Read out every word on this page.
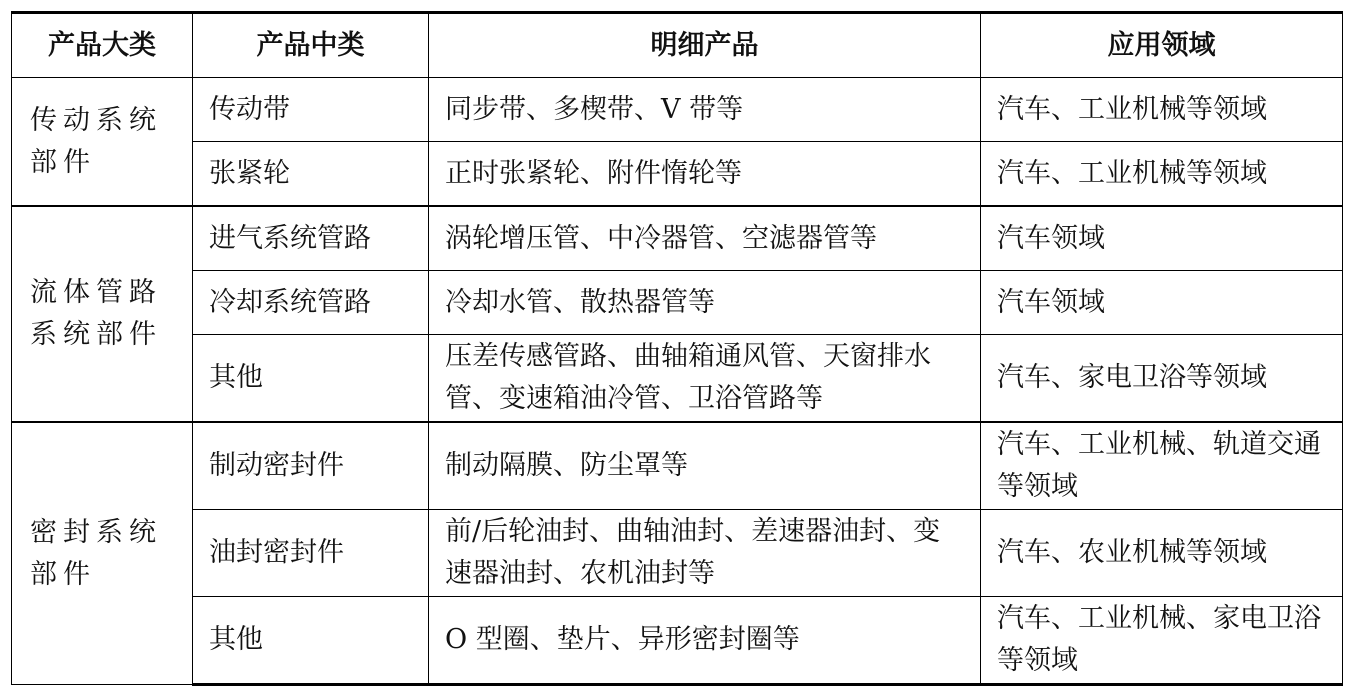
产品大类	产品中类	明细产品	应用领域
传动系统部件	传动带	同步带、多楔带、V 带等	汽车、工业机械等领域
	张紧轮	正时张紧轮、附件惰轮等	汽车、工业机械等领域
流体管路系统部件	进气系统管路	涡轮增压管、中冷器管、空滤器管等	汽车领域
	冷却系统管路	冷却水管、散热器管等	汽车领域
	其他	压差传感管路、曲轴箱通风管、天窗排水管、变速箱油冷管、卫浴管路等	汽车、家电卫浴等领域
密封系统部件	制动密封件	制动隔膜、防尘罩等	汽车、工业机械、轨道交通等领域
	油封密封件	前/后轮油封、曲轴油封、差速器油封、变速器油封、农机油封等	汽车、农业机械等领域
	其他	O 型圈、垫片、异形密封圈等	汽车、工业机械、家电卫浴等领域
